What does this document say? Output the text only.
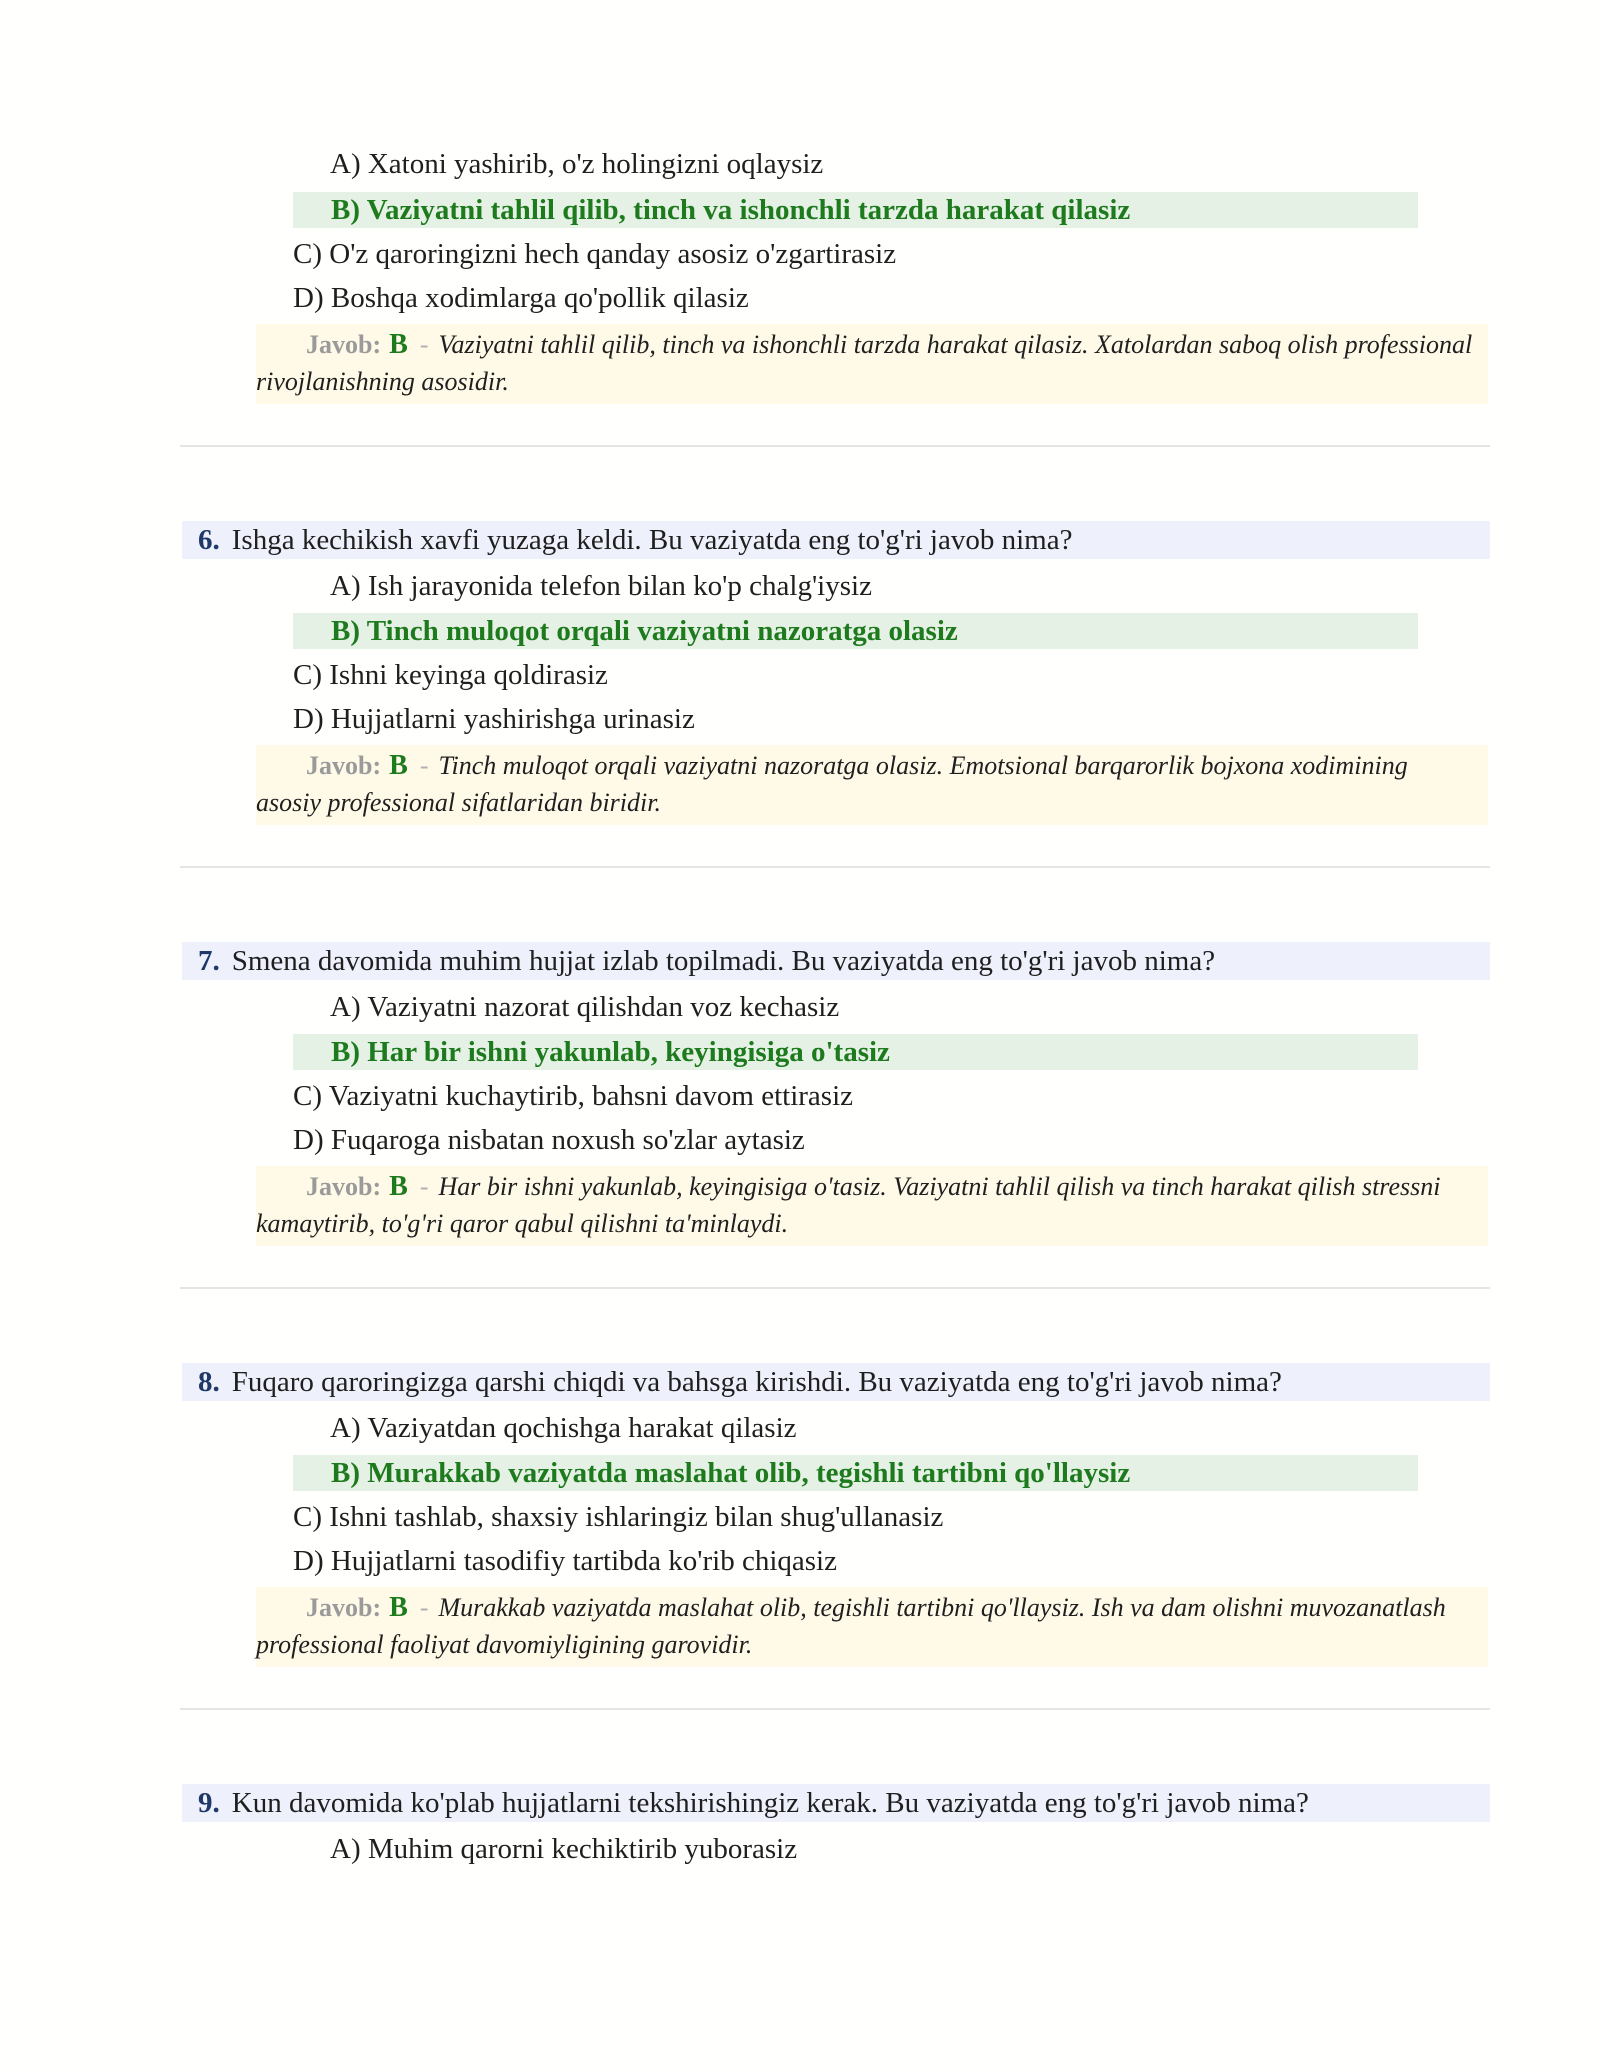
A) Xatoni yashirib, o'z holingizni oqlaysiz
B) Vaziyatni tahlil qilib, tinch va ishonchli tarzda harakat qilasiz
C) O'z qaroringizni hech qanday asosiz o'zgartirasiz
D) Boshqa xodimlarga qo'pollik qilasiz
Javob: B - Vaziyatni tahlil qilib, tinch va ishonchli tarzda harakat qilasiz. Xatolardan saboq olish professional rivojlanishning asosidir.
6. Ishga kechikish xavfi yuzaga keldi. Bu vaziyatda eng to'g'ri javob nima?
A) Ish jarayonida telefon bilan ko'p chalg'iysiz
B) Tinch muloqot orqali vaziyatni nazoratga olasiz
C) Ishni keyinga qoldirasiz
D) Hujjatlarni yashirishga urinasiz
Javob: B - Tinch muloqot orqali vaziyatni nazoratga olasiz. Emotsional barqarorlik bojxona xodimining asosiy professional sifatlaridan biridir.
7. Smena davomida muhim hujjat izlab topilmadi. Bu vaziyatda eng to'g'ri javob nima?
A) Vaziyatni nazorat qilishdan voz kechasiz
B) Har bir ishni yakunlab, keyingisiga o'tasiz
C) Vaziyatni kuchaytirib, bahsni davom ettirasiz
D) Fuqaroga nisbatan noxush so'zlar aytasiz
Javob: B - Har bir ishni yakunlab, keyingisiga o'tasiz. Vaziyatni tahlil qilish va tinch harakat qilish stressni kamaytirib, to'g'ri qaror qabul qilishni ta'minlaydi.
8. Fuqaro qaroringizga qarshi chiqdi va bahsga kirishdi. Bu vaziyatda eng to'g'ri javob nima?
A) Vaziyatdan qochishga harakat qilasiz
B) Murakkab vaziyatda maslahat olib, tegishli tartibni qo'llaysiz
C) Ishni tashlab, shaxsiy ishlaringiz bilan shug'ullanasiz
D) Hujjatlarni tasodifiy tartibda ko'rib chiqasiz
Javob: B - Murakkab vaziyatda maslahat olib, tegishli tartibni qo'llaysiz. Ish va dam olishni muvozanatlash professional faoliyat davomiyligining garovidir.
9. Kun davomida ko'plab hujjatlarni tekshirishingiz kerak. Bu vaziyatda eng to'g'ri javob nima?
A) Muhim qarorni kechiktirib yuborasiz
